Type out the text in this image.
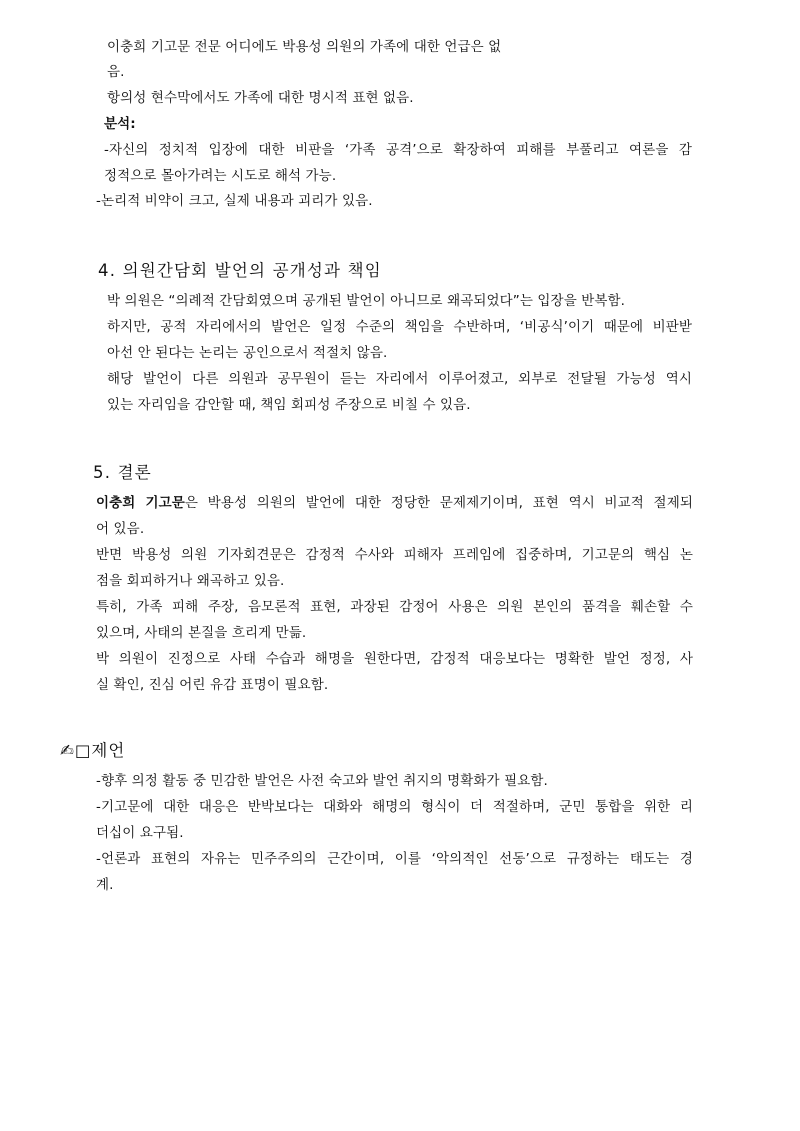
이충희 기고문 전문 어디에도 박용성 의원의 가족에 대한 언급은 없
음.
항의성 현수막에서도 가족에 대한 명시적 표현 없음.
분석:
-자신의 정치적 입장에 대한 비판을 ‘가족 공격’으로 확장하여 피해를 부풀리고 여론을 감
정적으로 몰아가려는 시도로 해석 가능.
-논리적 비약이 크고, 실제 내용과 괴리가 있음.
4. 의원간담회 발언의 공개성과 책임
박 의원은 “의례적 간담회였으며 공개된 발언이 아니므로 왜곡되었다”는 입장을 반복함.
하지만, 공적 자리에서의 발언은 일정 수준의 책임을 수반하며, ‘비공식’이기 때문에 비판받
아선 안 된다는 논리는 공인으로서 적절치 않음.
해당 발언이 다른 의원과 공무원이 듣는 자리에서 이루어졌고, 외부로 전달될 가능성 역시
있는 자리임을 감안할 때, 책임 회피성 주장으로 비칠 수 있음.
5. 결론
이충희 기고문은 박용성 의원의 발언에 대한 정당한 문제제기이며, 표현 역시 비교적 절제되
어 있음.
반면 박용성 의원 기자회견문은 감정적 수사와 피해자 프레임에 집중하며, 기고문의 핵심 논
점을 회피하거나 왜곡하고 있음.
특히, 가족 피해 주장, 음모론적 표현, 과장된 감정어 사용은 의원 본인의 품격을 훼손할 수
있으며, 사태의 본질을 흐리게 만듦.
박 의원이 진정으로 사태 수습과 해명을 원한다면, 감정적 대응보다는 명확한 발언 정정, 사
실 확인, 진심 어린 유감 표명이 필요함.
✍□제언
-향후 의정 활동 중 민감한 발언은 사전 숙고와 발언 취지의 명확화가 필요함.
-기고문에 대한 대응은 반박보다는 대화와 해명의 형식이 더 적절하며, 군민 통합을 위한 리
더십이 요구됨.
-언론과 표현의 자유는 민주주의의 근간이며, 이를 ‘악의적인 선동’으로 규정하는 태도는 경
계.
